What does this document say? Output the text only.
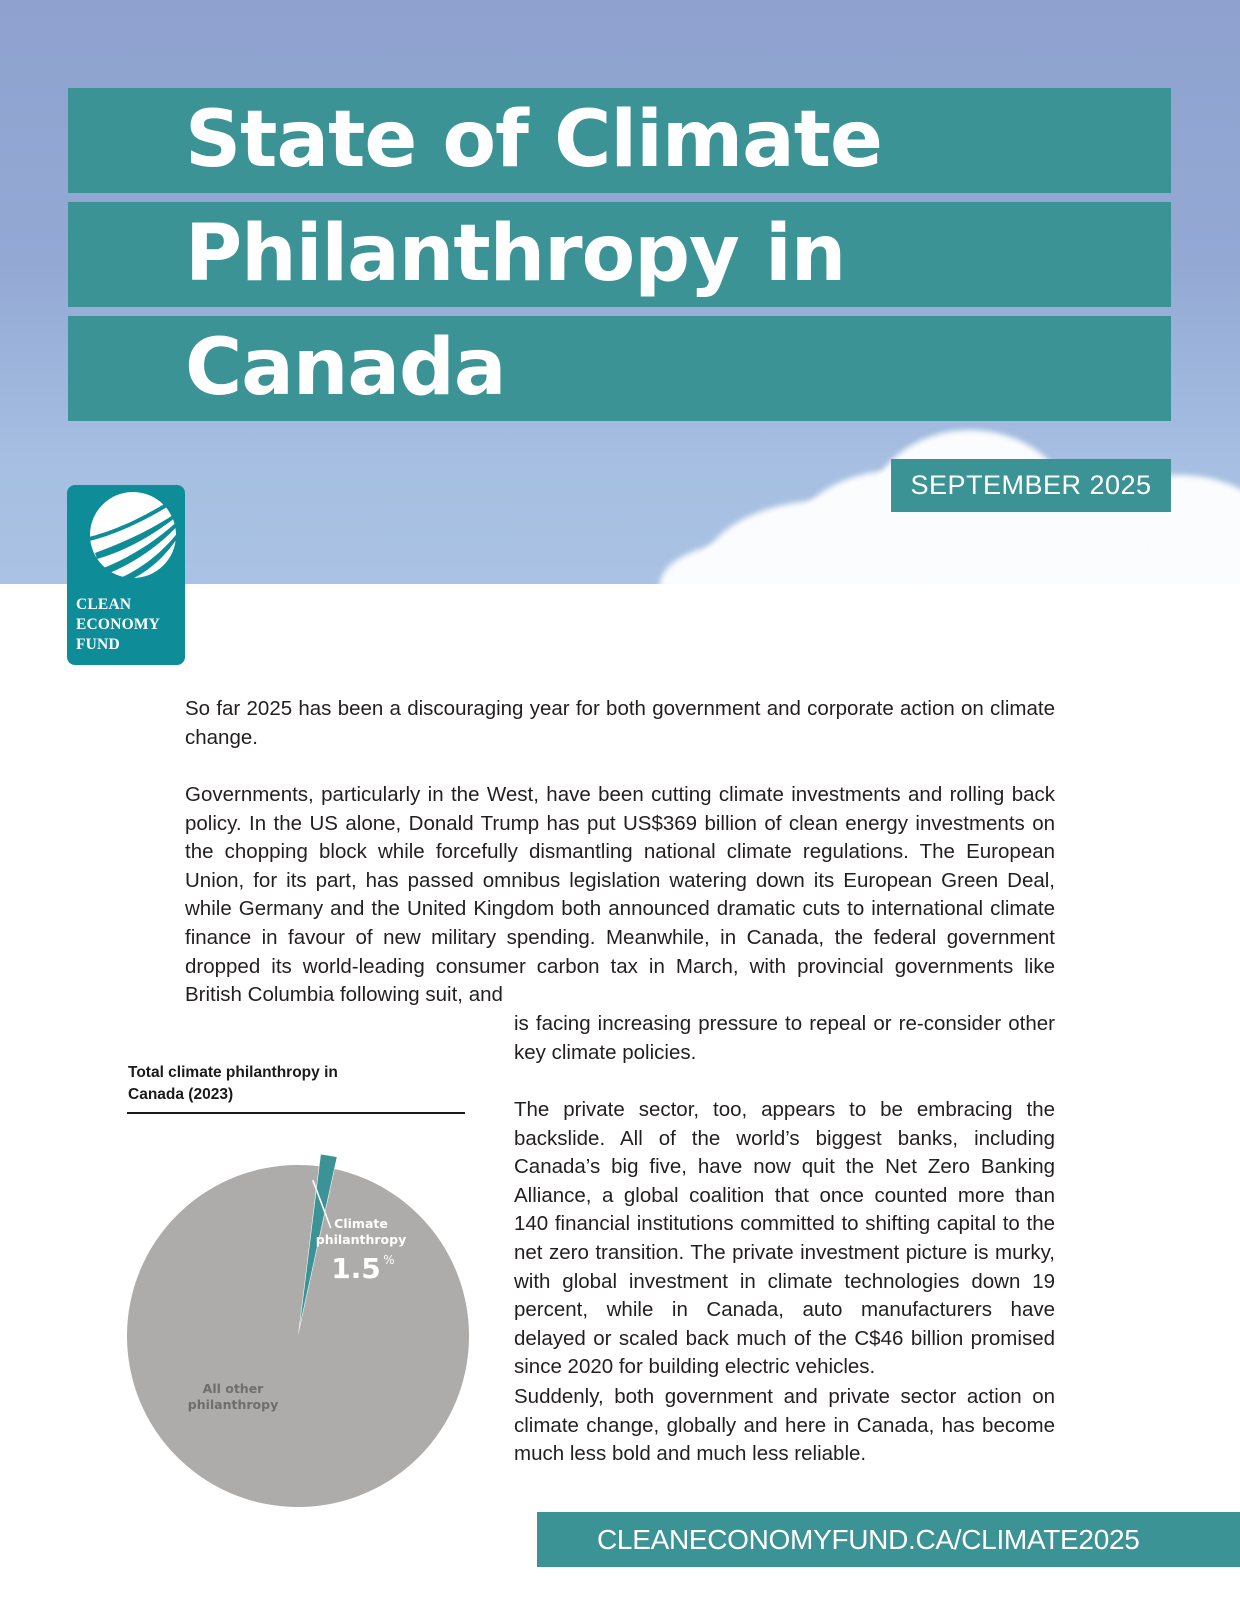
State of Climate
Philanthropy in
Canada
SEPTEMBER 2025
CLEAN
ECONOMY
FUND

So far 2025 has been a discouraging year for both government and corporate action on climate change.

Governments, particularly in the West, have been cutting climate investments and rolling back policy. In the US alone, Donald Trump has put US$369 billion of clean energy investments on the chopping block while forcefully dismantling national climate regulations. The European Union, for its part, has passed omnibus legislation watering down its European Green Deal, while Germany and the United Kingdom both announced dramatic cuts to international climate finance in favour of new military spending. Meanwhile, in Canada, the federal government dropped its world-leading consumer carbon tax in March, with provincial governments like British Columbia following suit, and

is facing increasing pressure to repeal or re-consider other key climate policies.

The private sector, too, appears to be embracing the backslide. All of the world’s biggest banks, including Canada’s big five, have now quit the Net Zero Banking Alliance, a global coalition that once counted more than 140 financial institutions committed to shifting capital to the net zero transition. The private investment picture is murky, with global investment in climate technologies down 19 percent, while in Canada, auto manufacturers have delayed or scaled back much of the C$46 billion promised since 2020 for building electric vehicles.

Suddenly, both government and private sector action on climate change, globally and here in Canada, has become much less bold and much less reliable.

Total climate philanthropy in
Canada (2023)
Climate
philanthropy
1.5 %
All other
philanthropy
CLEANECONOMYFUND.CA/CLIMATE2025
